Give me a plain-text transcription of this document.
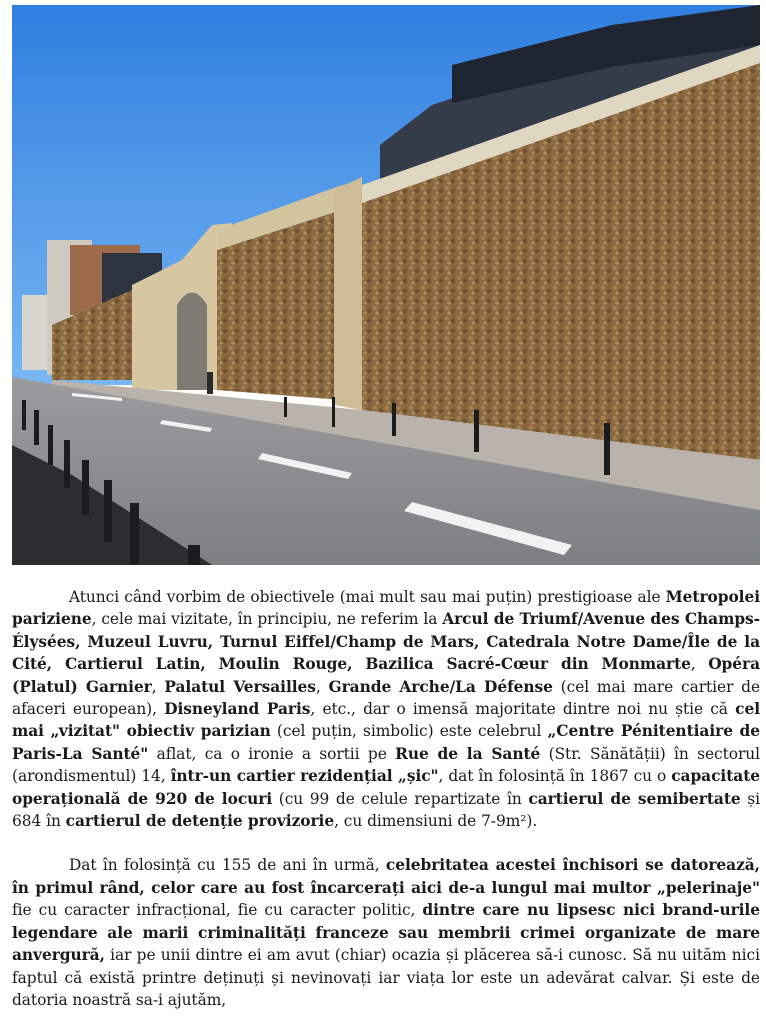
Atunci când vorbim de obiectivele (mai mult sau mai puțin) prestigioase ale Metropolei pariziene, cele mai vizitate, în principiu, ne referim la Arcul de Triumf/Avenue des Champs-Élysées, Muzeul Luvru, Turnul Eiffel/Champ de Mars, Catedrala Notre Dame/Île de la Cité, Cartierul Latin, Moulin Rouge, Bazilica Sacré-Cœur din Monmarte, Opéra (Platul) Garnier, Palatul Versailles, Grande Arche/La Défense (cel mai mare cartier de afaceri european), Disneyland Paris, etc., dar o imensă majoritate dintre noi nu știe că cel mai „vizitat" obiectiv parizian (cel puțin, simbolic) este celebrul „Centre Pénitentiaire de Paris-La Santé" aflat, ca o ironie a sortii pe Rue de la Santé (Str. Sănătății) în sectorul (arondismentul) 14, într-un cartier rezidențial „șic", dat în folosință în 1867 cu o capacitate operațională de 920 de locuri (cu 99 de celule repartizate în cartierul de semibertate și 684 în cartierul de detenție provizorie, cu dimensiuni de 7-9m²).

Dat în folosință cu 155 de ani în urmă, celebritatea acestei închisori se datorează, în primul rând, celor care au fost încarcerați aici de-a lungul mai multor „pelerinaje" fie cu caracter infracțional, fie cu caracter politic, dintre care nu lipsesc nici brand-urile legendare ale marii criminalități franceze sau membrii crimei organizate de mare anvergură, iar pe unii dintre ei am avut (chiar) ocazia și plăcerea să-i cunosc. Să nu uităm nici faptul că există printre deținuți și nevinovați iar viața lor este un adevărat calvar. Și este de datoria noastră sa-i ajutăm,
